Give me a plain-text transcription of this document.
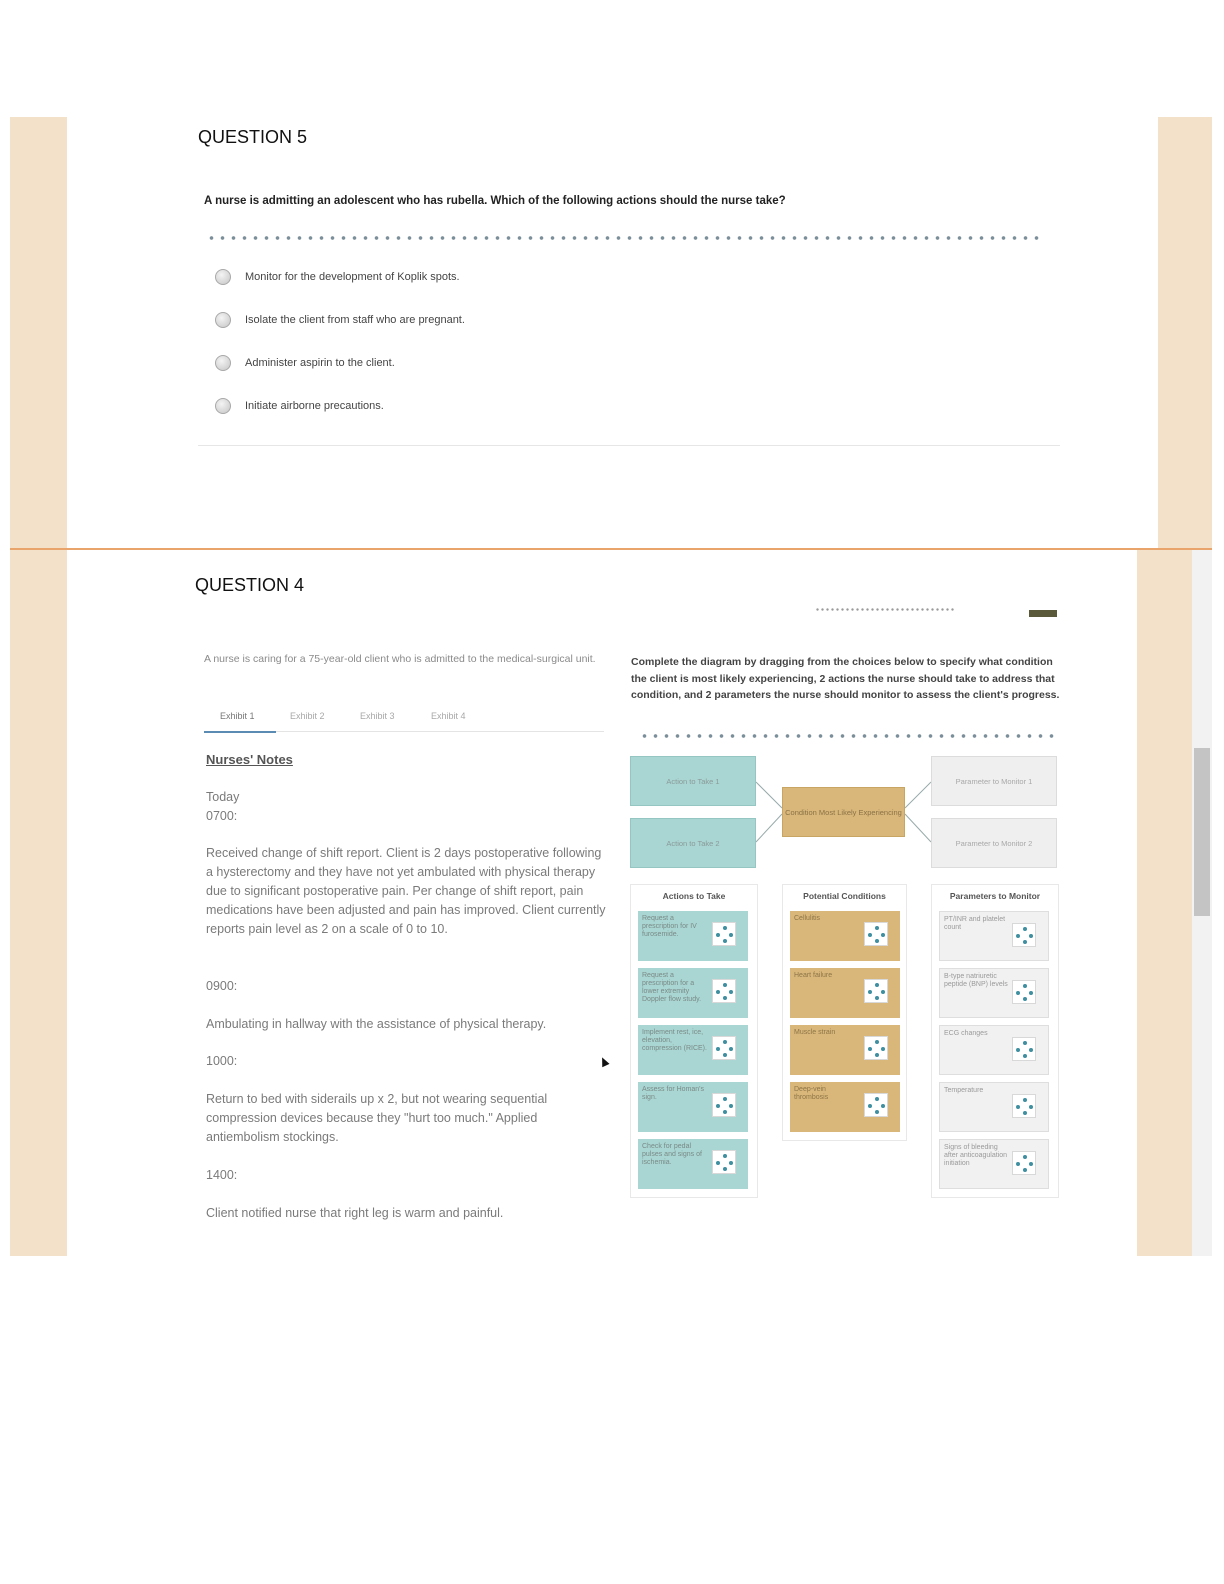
QUESTION 5
A nurse is admitting an adolescent who has rubella. Which of the following actions should the nurse take?
Monitor for the development of Koplik spots.
Isolate the client from staff who are pregnant.
Administer aspirin to the client.
Initiate airborne precautions.
QUESTION 4
A nurse is caring for a 75-year-old client who is admitted to the medical-surgical unit.
Exhibit 1	Exhibit 2	Exhibit 3	Exhibit 4
Nurses' Notes
Today
0700:
Received change of shift report. Client is 2 days postoperative following a hysterectomy and they have not yet ambulated with physical therapy due to significant postoperative pain. Per change of shift report, pain medications have been adjusted and pain has improved. Client currently reports pain level as 2 on a scale of 0 to 10.
0900:
Ambulating in hallway with the assistance of physical therapy.
1000:
Return to bed with siderails up x 2, but not wearing sequential compression devices because they "hurt too much." Applied antiembolism stockings.
1400:
Client notified nurse that right leg is warm and painful.
Complete the diagram by dragging from the choices below to specify what condition the client is most likely experiencing, 2 actions the nurse should take to address that condition, and 2 parameters the nurse should monitor to assess the client's progress.
Action to Take 1
Action to Take 2
Condition Most Likely Experiencing
Parameter to Monitor 1
Parameter to Monitor 2
Actions to Take
Request a prescription for IV furosemide.
Request a prescription for a lower extremity Doppler flow study.
Implement rest, ice, elevation, compression (RICE).
Assess for Homan's sign.
Check for pedal pulses and signs of ischemia.
Potential Conditions
Cellulitis
Heart failure
Muscle strain
Deep-vein thrombosis
Parameters to Monitor
PT/INR and platelet count
B-type natriuretic peptide (BNP) levels
ECG changes
Temperature
Signs of bleeding after anticoagulation initiation
